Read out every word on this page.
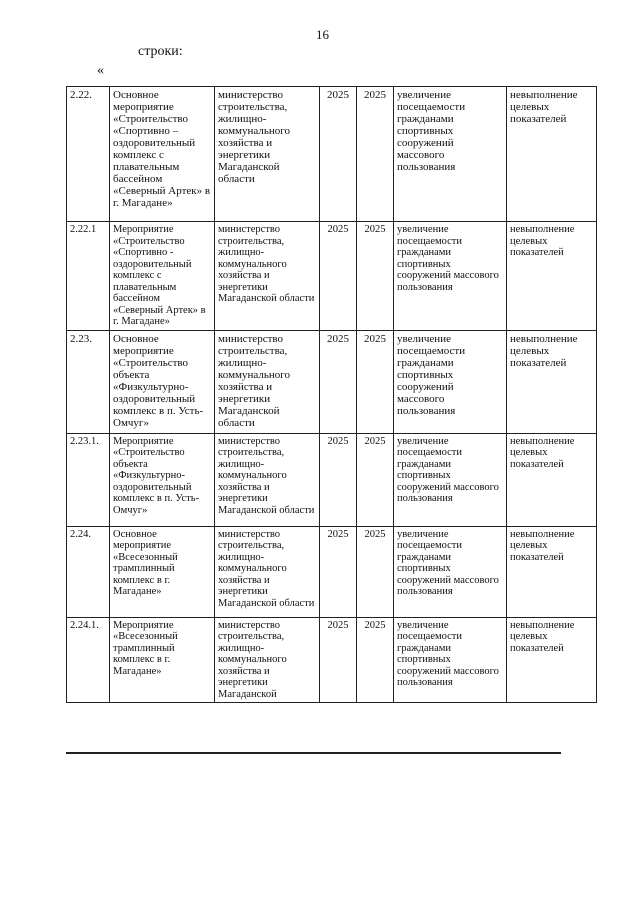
16
строки:
«
2.22.	Основное мероприятие «Строительство «Спортивно – оздоровительный комплекс с плавательным бассейном «Северный Артек» в г. Магадане»	министерство строительства, жилищно-коммунального хозяйства и энергетики Магаданской области	2025	2025	увеличение посещаемости гражданами спортивных сооружений массового пользования	невыполнение целевых показателей
2.22.1	Мероприятие «Строительство «Спортивно - оздоровительный комплекс с плавательным бассейном «Северный Артек» в г. Магадане»	министерство строительства, жилищно-коммунального хозяйства и энергетики Магаданской области	2025	2025	увеличение посещаемости гражданами спортивных сооружений массового пользования	невыполнение целевых показателей
2.23.	Основное мероприятие «Строительство объекта «Физкультурно-оздоровительный комплекс в п. Усть-Омчуг»	министерство строительства, жилищно-коммунального хозяйства и энергетики Магаданской области	2025	2025	увеличение посещаемости гражданами спортивных сооружений массового пользования	невыполнение целевых показателей
2.23.1.	Мероприятие «Строительство объекта «Физкультурно-оздоровительный комплекс в п. Усть-Омчуг»	министерство строительства, жилищно-коммунального хозяйства и энергетики Магаданской области	2025	2025	увеличение посещаемости гражданами спортивных сооружений массового пользования	невыполнение целевых показателей
2.24.	Основное мероприятие «Всесезонный трамплинный комплекс в г. Магадане»	министерство строительства, жилищно-коммунального хозяйства и энергетики Магаданской области	2025	2025	увеличение посещаемости гражданами спортивных сооружений массового пользования	невыполнение целевых показателей
2.24.1.	Мероприятие «Всесезонный трамплинный комплекс в г. Магадане»	министерство строительства, жилищно-коммунального хозяйства и энергетики Магаданской	2025	2025	увеличение посещаемости гражданами спортивных сооружений массового пользования	невыполнение целевых показателей
